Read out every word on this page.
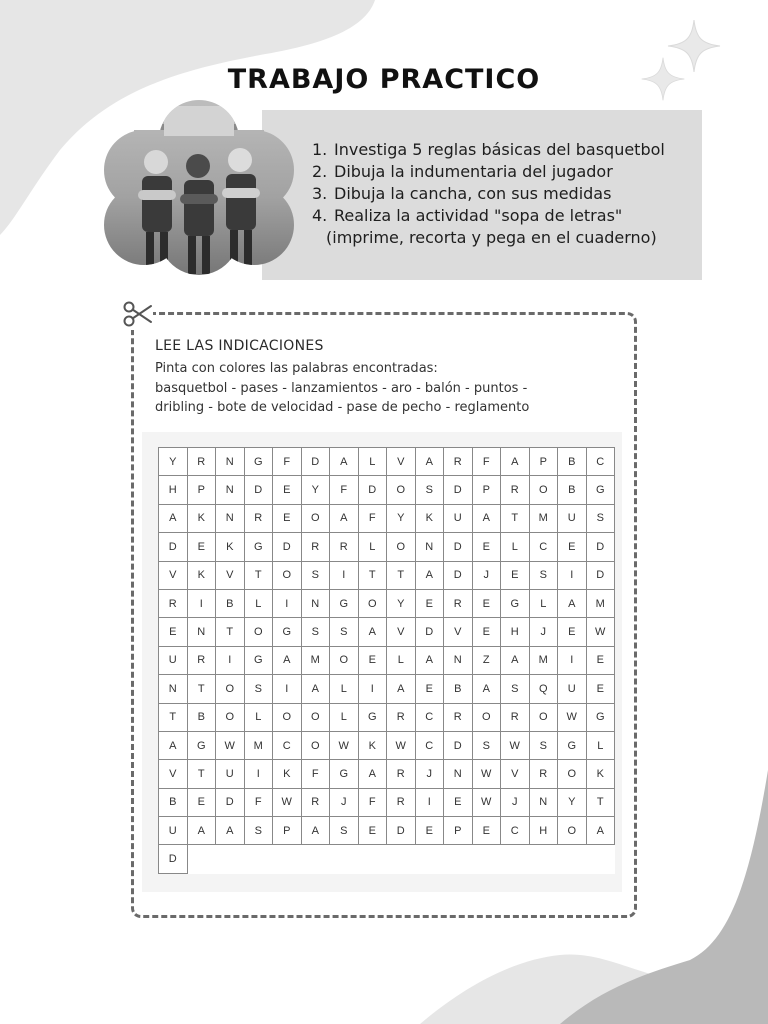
TRABAJO PRACTICO
1. Investiga 5 reglas básicas del basquetbol
2. Dibuja la indumentaria del jugador
3. Dibuja la cancha, con sus medidas
4. Realiza la actividad "sopa de letras"
(imprime, recorta y pega en el cuaderno)
LEE LAS INDICACIONES
Pinta con colores las palabras encontradas:
basquetbol - pases - lanzamientos - aro - balón - puntos -
dribling - bote de velocidad - pase de pecho - reglamento
Y	R	N	G	F	D	A	L	V	A	R	F	A	P	B	C
H	P	N	D	E	Y	F	D	O	S	D	P	R	O	B	G
A	K	N	R	E	O	A	F	Y	K	U	A	T	M	U	S
D	E	K	G	D	R	R	L	O	N	D	E	L	C	E	D
V	K	V	T	O	S	I	T	T	A	D	J	E	S	I	D
R	I	B	L	I	N	G	O	Y	E	R	E	G	L	A	M
E	N	T	O	G	S	S	A	V	D	V	E	H	J	E	W
U	R	I	G	A	M	O	E	L	A	N	Z	A	M	I	E
N	T	O	S	I	A	L	I	A	E	B	A	S	Q	U	E
T	B	O	L	O	O	L	G	R	C	R	O	R	O	W	G
A	G	W	M	C	O	W	K	W	C	D	S	W	S	G	L
V	T	U	I	K	F	G	A	R	J	N	W	V	R	O	K
B	E	D	F	W	R	J	F	R	I	E	W	J	N	Y	T
U	A	A	S	P	A	S	E	D	E	P	E	C	H	O	A
D
